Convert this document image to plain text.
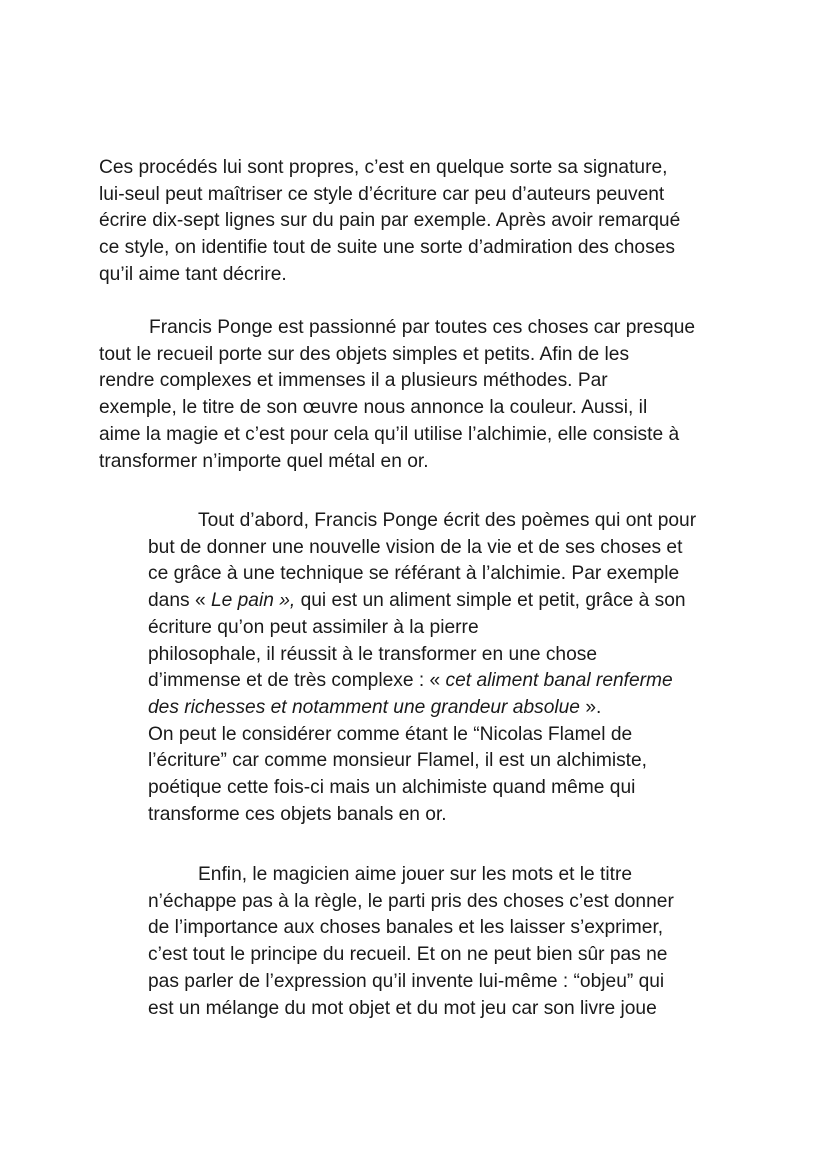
Ces procédés lui sont propres, c’est en quelque sorte sa signature,
lui-seul peut maîtriser ce style d’écriture car peu d’auteurs peuvent
écrire dix-sept lignes sur du pain par exemple. Après avoir remarqué
ce style, on identifie tout de suite une sorte d’admiration des choses
qu’il aime tant décrire.

Francis Ponge est passionné par toutes ces choses car presque
tout le recueil porte sur des objets simples et petits. Afin de les
rendre complexes et immenses il a plusieurs méthodes. Par
exemple, le titre de son œuvre nous annonce la couleur. Aussi, il
aime la magie et c’est pour cela qu’il utilise l’alchimie, elle consiste à
transformer n’importe quel métal en or.

Tout d’abord, Francis Ponge écrit des poèmes qui ont pour
but de donner une nouvelle vision de la vie et de ses choses et
ce grâce à une technique se référant à l’alchimie. Par exemple
dans « Le pain », qui est un aliment simple et petit, grâce à son
écriture qu’on peut assimiler à la pierre
philosophale, il réussit à le transformer en une chose
d’immense et de très complexe : « cet aliment banal renferme
des richesses et notamment une grandeur absolue ».
On peut le considérer comme étant le “Nicolas Flamel de
l’écriture” car comme monsieur Flamel, il est un alchimiste,
poétique cette fois-ci mais un alchimiste quand même qui
transforme ces objets banals en or.

Enfin, le magicien aime jouer sur les mots et le titre
n’échappe pas à la règle, le parti pris des choses c’est donner
de l’importance aux choses banales et les laisser s’exprimer,
c’est tout le principe du recueil. Et on ne peut bien sûr pas ne
pas parler de l’expression qu’il invente lui-même : “objeu” qui
est un mélange du mot objet et du mot jeu car son livre joue
